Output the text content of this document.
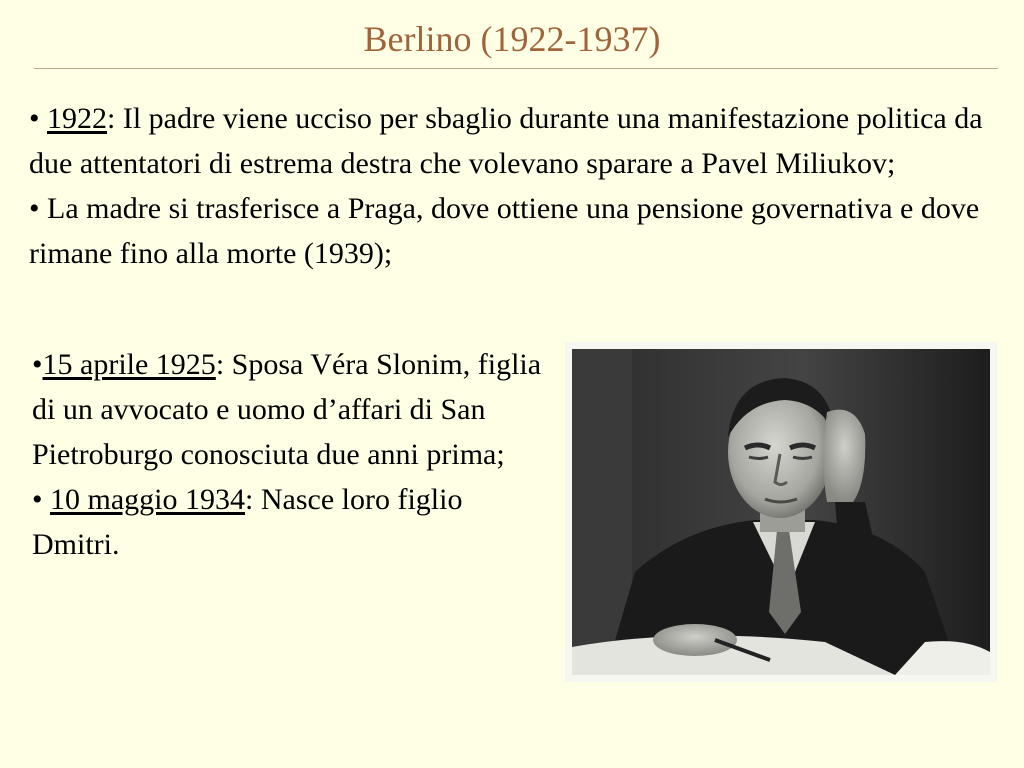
Berlino (1922-1937)

• 1922: Il padre viene ucciso per sbaglio durante una manifestazione politica da due attentatori di estrema destra che volevano sparare a Pavel Miliukov;

• La madre si trasferisce a Praga, dove ottiene una pensione governativa e dove rimane fino alla morte (1939);

•15 aprile 1925: Sposa Véra Slonim, figlia di un avvocato e uomo d’affari di San Pietroburgo conosciuta due anni prima;

• 10 maggio 1934: Nasce loro figlio Dmitri.
